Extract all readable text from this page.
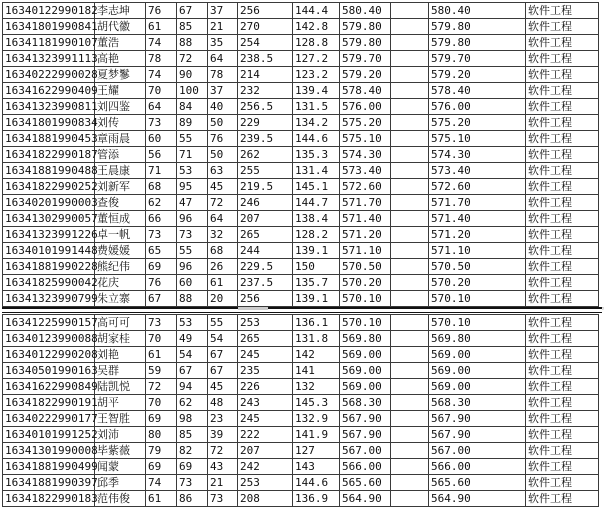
16340122990182	李志坤	76	67	37	256	144.4	580.40		580.40	软件工程
16341801990841	胡代徽	61	85	21	270	142.8	579.80		579.80	软件工程
16341181990107	董浩	74	88	35	254	128.8	579.80		579.80	软件工程
16341323991113	高艳	78	72	64	238.5	127.2	579.70		579.70	软件工程
16340222990028	夏梦鬖	74	90	78	214	123.2	579.20		579.20	软件工程
16341622990409	王耀	70	100	37	232	139.4	578.40		578.40	软件工程
16341323990811	刘四鉴	64	84	40	256.5	131.5	576.00		576.00	软件工程
16341801990834	刘传	73	89	50	229	134.2	575.20		575.20	软件工程
16341881990453	章雨晨	60	55	76	239.5	144.6	575.10		575.10	软件工程
16341822990187	管添	56	71	50	262	135.3	574.30		574.30	软件工程
16341881990488	王晨康	71	53	63	255	131.4	573.40		573.40	软件工程
16341822990252	刘新军	68	95	45	219.5	145.1	572.60		572.60	软件工程
16340201990003	查俊	62	47	72	246	144.7	571.70		571.70	软件工程
16341302990057	董恒成	66	96	64	207	138.4	571.40		571.40	软件工程
16341323991226	卓一帆	73	73	32	265	128.2	571.20		571.20	软件工程
16340101991448	费媛媛	65	55	68	244	139.1	571.10		571.10	软件工程
16341881990228	熊纪伟	69	96	26	229.5	150	570.50		570.50	软件工程
16341825990042	花庆	76	60	61	237.5	135.7	570.20		570.20	软件工程
16341323990799	朱立寨	67	88	20	256	139.1	570.10		570.10	软件工程
◦
16341225990157	高可可	73	53	55	253	136.1	570.10		570.10	软件工程
16340123990088	胡家桂	70	49	54	265	131.8	569.80		569.80	软件工程
16340122990208	刘艳	61	54	67	245	142	569.00		569.00	软件工程
16340501990163	吴群	59	67	67	235	141	569.00		569.00	软件工程
16341622990849	陆凯悦	72	94	45	226	132	569.00		569.00	软件工程
16341822990191	胡平	70	62	48	243	145.3	568.30		568.30	软件工程
16340222990177	王智胜	69	98	23	245	132.9	567.90		567.90	软件工程
16340101991252	刘沛	80	85	39	222	141.9	567.90		567.90	软件工程
16341301990008	毕紫薇	79	82	72	207	127	567.00		567.00	软件工程
16341881990499	闻蒙	69	69	43	242	143	566.00		566.00	软件工程
16341881990397	邱季	74	73	21	253	144.6	565.60		565.60	软件工程
16341822990183	范伟俊	61	86	73	208	136.9	564.90		564.90	软件工程
